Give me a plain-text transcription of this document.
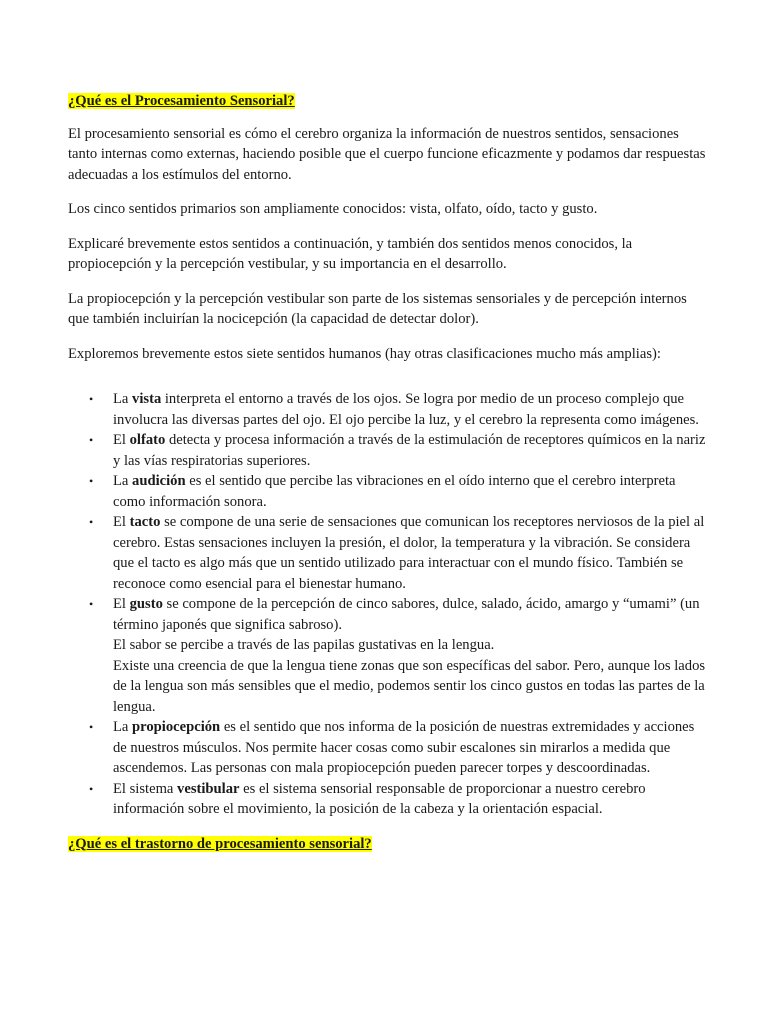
¿Qué es el Procesamiento Sensorial?

El procesamiento sensorial es cómo el cerebro organiza la información de nuestros sentidos, sensaciones tanto internas como externas, haciendo posible que el cuerpo funcione eficazmente y podamos dar respuestas adecuadas a los estímulos del entorno.

Los cinco sentidos primarios son ampliamente conocidos: vista, olfato, oído, tacto y gusto.

Explicaré brevemente estos sentidos a continuación, y también dos sentidos menos conocidos, la propiocepción y la percepción vestibular, y su importancia en el desarrollo.

La propiocepción y la percepción vestibular son parte de los sistemas sensoriales y de percepción internos que también incluirían la nocicepción (la capacidad de detectar dolor).

Exploremos brevemente estos siete sentidos humanos (hay otras clasificaciones mucho más amplias):

• La vista interpreta el entorno a través de los ojos. Se logra por medio de un proceso complejo que involucra las diversas partes del ojo. El ojo percibe la luz, y el cerebro la representa como imágenes.
• El olfato detecta y procesa información a través de la estimulación de receptores químicos en la nariz y las vías respiratorias superiores.
• La audición es el sentido que percibe las vibraciones en el oído interno que el cerebro interpreta como información sonora.
• El tacto se compone de una serie de sensaciones que comunican los receptores nerviosos de la piel al cerebro. Estas sensaciones incluyen la presión, el dolor, la temperatura y la vibración. Se considera que el tacto es algo más que un sentido utilizado para interactuar con el mundo físico. También se reconoce como esencial para el bienestar humano.
• El gusto se compone de la percepción de cinco sabores, dulce, salado, ácido, amargo y “umami” (un término japonés que significa sabroso).
El sabor se percibe a través de las papilas gustativas en la lengua.
Existe una creencia de que la lengua tiene zonas que son específicas del sabor. Pero, aunque los lados de la lengua son más sensibles que el medio, podemos sentir los cinco gustos en todas las partes de la lengua.
• La propiocepción es el sentido que nos informa de la posición de nuestras extremidades y acciones de nuestros músculos. Nos permite hacer cosas como subir escalones sin mirarlos a medida que ascendemos. Las personas con mala propiocepción pueden parecer torpes y descoordinadas.
• El sistema vestibular es el sistema sensorial responsable de proporcionar a nuestro cerebro información sobre el movimiento, la posición de la cabeza y la orientación espacial.
¿Qué es el trastorno de procesamiento sensorial?
